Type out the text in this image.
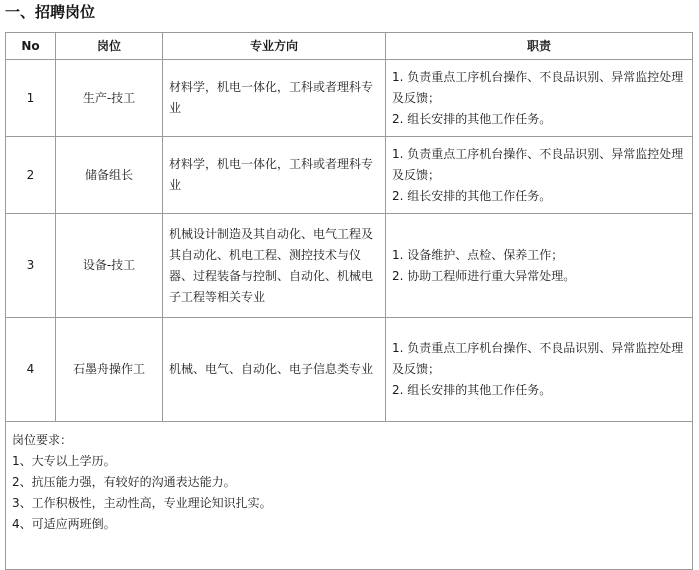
一、招聘岗位
No	岗位	专业方向	职责
1	生产-技工	材料学，机电一体化，工科或者理科专业	1. 负责重点工序机台操作、不良品识别、异常监控处理及反馈；
2. 组长安排的其他工作任务。

2	储备组长	材料学，机电一体化，工科或者理科专业	1. 负责重点工序机台操作、不良品识别、异常监控处理及反馈；
2. 组长安排的其他工作任务。

3	设备-技工	机械设计制造及其自动化、电气工程及其自动化、机电工程、测控技术与仪器、过程装备与控制、自动化、机械电子工程等相关专业	1. 设备维护、点检、保养工作；
2. 协助工程师进行重大异常处理。

4	石墨舟操作工	机械、电气、自动化、电子信息类专业	1. 负责重点工序机台操作、不良品识别、异常监控处理及反馈；
2. 组长安排的其他工作任务。

岗位要求：
1、大专以上学历。
2、抗压能力强，有较好的沟通表达能力。
3、工作积极性，主动性高，专业理论知识扎实。
4、可适应两班倒。			
